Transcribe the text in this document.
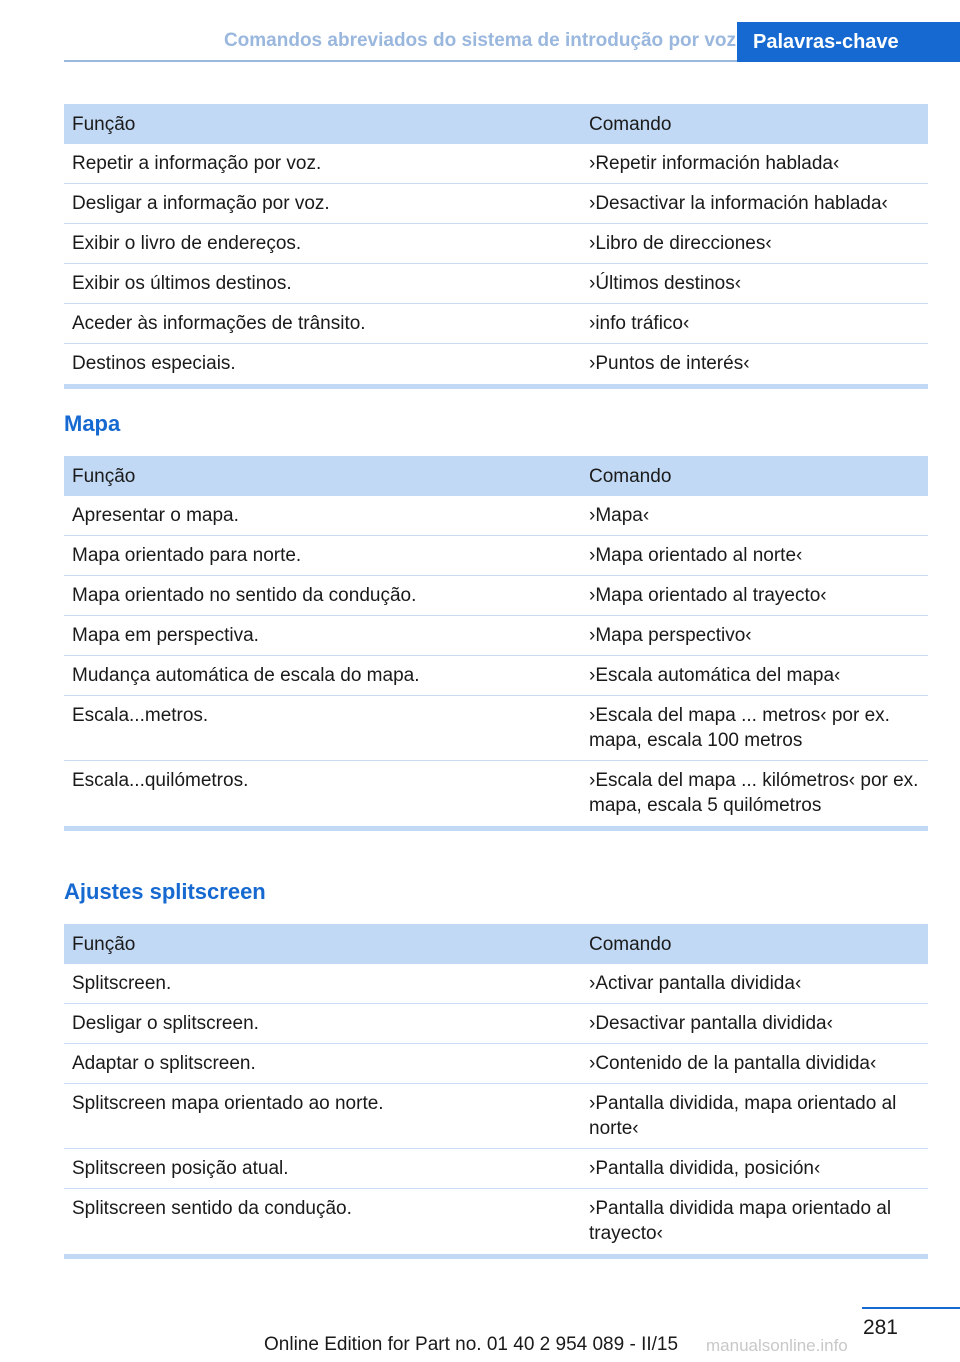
Comandos abreviados do sistema de introdução por voz Palavras-chave
Função	Comando
Repetir a informação por voz.	›Repetir información hablada‹
Desligar a informação por voz.	›Desactivar la información hablada‹
Exibir o livro de endereços.	›Libro de direcciones‹
Exibir os últimos destinos.	›Últimos destinos‹
Aceder às informações de trânsito.	›info tráfico‹
Destinos especiais.	›Puntos de interés‹
Mapa
Função	Comando
Apresentar o mapa.	›Mapa‹
Mapa orientado para norte.	›Mapa orientado al norte‹
Mapa orientado no sentido da condução.	›Mapa orientado al trayecto‹
Mapa em perspectiva.	›Mapa perspectivo‹
Mudança automática de escala do mapa.	›Escala automática del mapa‹
Escala...metros.	›Escala del mapa ... metros‹ por ex. mapa, escala 100 metros
Escala...quilómetros.	›Escala del mapa ... kilómetros‹ por ex. mapa, escala 5 quilómetros
Ajustes splitscreen
Função	Comando
Splitscreen.	›Activar pantalla dividida‹
Desligar o splitscreen.	›Desactivar pantalla dividida‹
Adaptar o splitscreen.	›Contenido de la pantalla dividida‹
Splitscreen mapa orientado ao norte.	›Pantalla dividida, mapa orientado al norte‹
Splitscreen posição atual.	›Pantalla dividida, posición‹
Splitscreen sentido da condução.	›Pantalla dividida mapa orientado al trayecto‹
281
Online Edition for Part no. 01 40 2 954 089 - II/15 manualsonline.info
